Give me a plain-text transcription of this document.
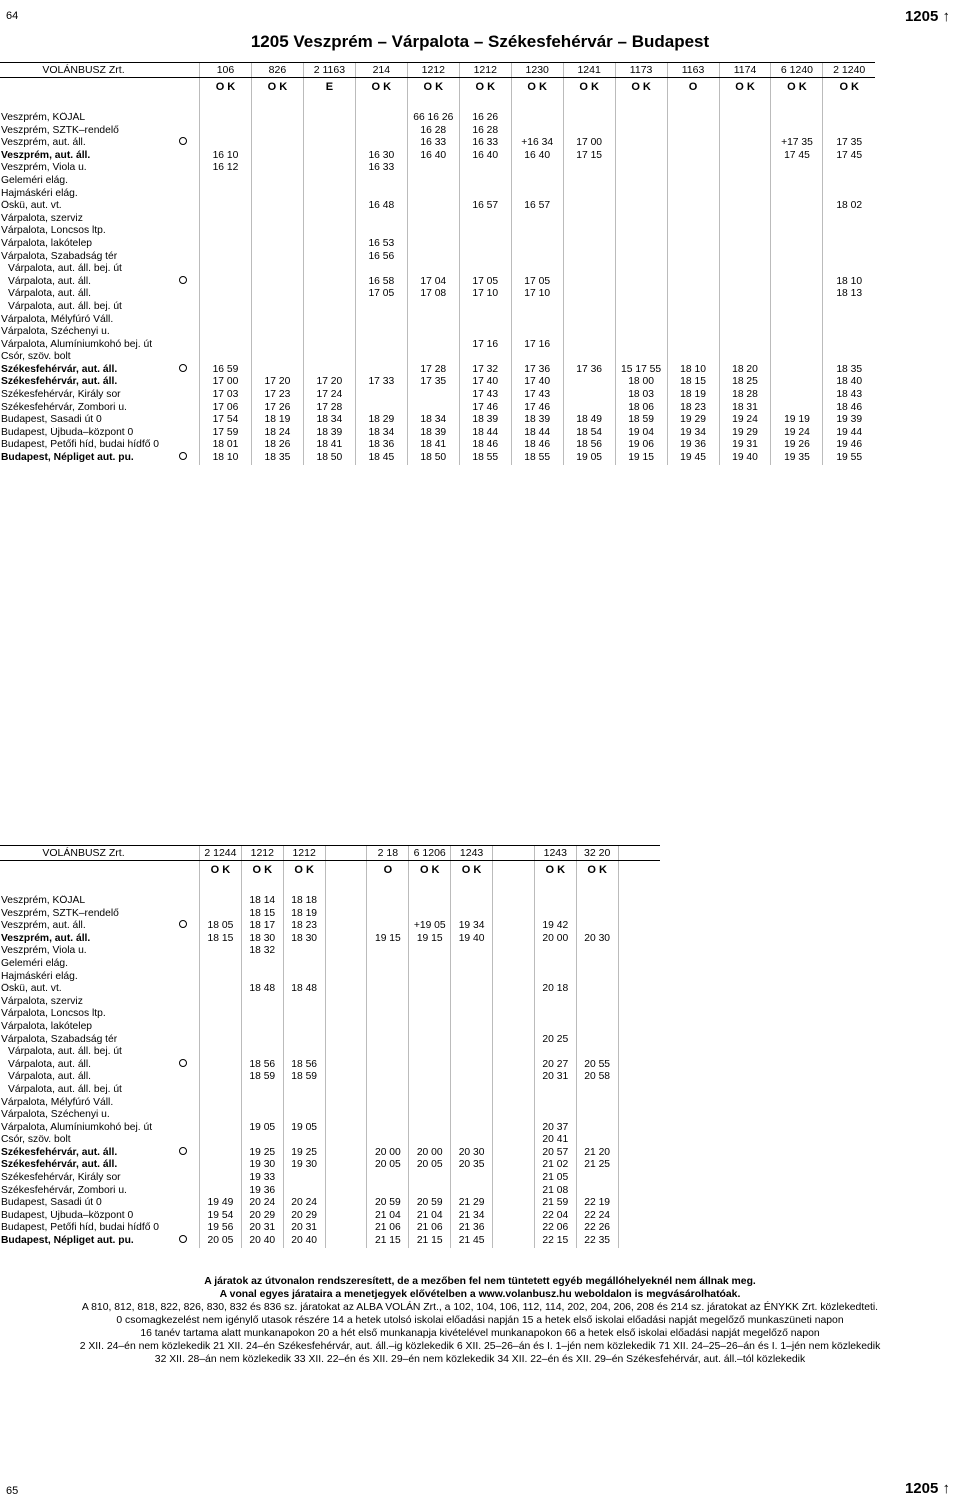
64	1205 ↑
1205 Veszprém – Várpalota – Székesfehérvár – Budapest
VOLÁNBUSZ Zrt.		106	826	2 1163	214	1212	1212	1230	1241	1173	1163	1174	6 1240	2 1240
		O K	O K	E	O K	O K	O K	O K	O K	O K	O	O K	O K	O K

Veszprém, KÖJÁL						66 16 26	16 26							
Veszprém, SZTK–rendelő						16 28	16 28							
Veszprém, aut. áll.						16 33	16 33	+16 34	17 00				+17 35	17 35
Veszprém, aut. áll.		16 10			16 30	16 40	16 40	16 40	17 15				17 45	17 45
Veszprém, Viola u.		16 12			16 33									
Geleméri elág.														
Hajmáskéri elág.														
Öskü, aut. vt.					16 48		16 57	16 57						18 02
Várpalota, szerviz														
Várpalota, Loncsos ltp.														
Várpalota, lakótelep					16 53									
Várpalota, Szabadság tér					16 56									
Várpalota, aut. áll. bej. út														
Várpalota, aut. áll.					16 58	17 04	17 05	17 05						18 10
Várpalota, aut. áll.					17 05	17 08	17 10	17 10						18 13
Várpalota, aut. áll. bej. út														
Várpalota, Mélyfúró Váll.														
Várpalota, Széchenyi u.														
Várpalota, Alumíniumkohó bej. út							17 16	17 16						
Csór, szöv. bolt														
Székesfehérvár, aut. áll.		16 59				17 28	17 32	17 36	17 36	15 17 55	18 10	18 20		18 35
Székesfehérvár, aut. áll.		17 00	17 20	17 20	17 33	17 35	17 40	17 40		18 00	18 15	18 25		18 40
Székesfehérvár, Király sor		17 03	17 23	17 24			17 43	17 43		18 03	18 19	18 28		18 43
Székesfehérvár, Zombori u.		17 06	17 26	17 28			17 46	17 46		18 06	18 23	18 31		18 46
Budapest, Sasadi út 0		17 54	18 19	18 34	18 29	18 34	18 39	18 39	18 49	18 59	19 29	19 24	19 19	19 39
Budapest, Újbuda–központ 0		17 59	18 24	18 39	18 34	18 39	18 44	18 44	18 54	19 04	19 34	19 29	19 24	19 44
Budapest, Petőfi híd, budai hídfő 0		18 01	18 26	18 41	18 36	18 41	18 46	18 46	18 56	19 06	19 36	19 31	19 26	19 46
Budapest, Népliget aut. pu.		18 10	18 35	18 50	18 45	18 50	18 55	18 55	19 05	19 15	19 45	19 40	19 35	19 55
VOLÁNBUSZ Zrt.		2 1244	1212	1212		2 18	6 1206	1243		1243	32 20	
		O K	O K	O K		O	O K	O K		O K	O K	

Veszprém, KÖJÁL			18 14	18 18								
Veszprém, SZTK–rendelő			18 15	18 19								
Veszprém, aut. áll.		18 05	18 17	18 23			+19 05	19 34		19 42		
Veszprém, aut. áll.		18 15	18 30	18 30		19 15	19 15	19 40		20 00	20 30	
Veszprém, Viola u.			18 32									
Geleméri elág.												
Hajmáskéri elág.												
Öskü, aut. vt.			18 48	18 48						20 18		
Várpalota, szerviz												
Várpalota, Loncsos ltp.												
Várpalota, lakótelep												
Várpalota, Szabadság tér										20 25		
Várpalota, aut. áll. bej. út												
Várpalota, aut. áll.			18 56	18 56						20 27	20 55	
Várpalota, aut. áll.			18 59	18 59						20 31	20 58	
Várpalota, aut. áll. bej. út												
Várpalota, Mélyfúró Váll.												
Várpalota, Széchenyi u.												
Várpalota, Alumíniumkohó bej. út			19 05	19 05						20 37		
Csór, szöv. bolt										20 41		
Székesfehérvár, aut. áll.			19 25	19 25		20 00	20 00	20 30		20 57	21 20	
Székesfehérvár, aut. áll.			19 30	19 30		20 05	20 05	20 35		21 02	21 25	
Székesfehérvár, Király sor			19 33							21 05		
Székesfehérvár, Zombori u.			19 36							21 08		
Budapest, Sasadi út 0		19 49	20 24	20 24		20 59	20 59	21 29		21 59	22 19	
Budapest, Újbuda–központ 0		19 54	20 29	20 29		21 04	21 04	21 34		22 04	22 24	
Budapest, Petőfi híd, budai hídfő 0		19 56	20 31	20 31		21 06	21 06	21 36		22 06	22 26	
Budapest, Népliget aut. pu.		20 05	20 40	20 40		21 15	21 15	21 45		22 15	22 35	
A járatok az útvonalon rendszeresített, de a mezőben fel nem tüntetett egyéb megállóhelyeknél nem állnak meg.
A vonal egyes járataira a menetjegyek elővételben a www.volanbusz.hu weboldalon is megvásárolhatóak.
A 810, 812, 818, 822, 826, 830, 832 és 836 sz. járatokat az ALBA VOLÁN Zrt., a 102, 104, 106, 112, 114, 202, 204, 206, 208 és 214 sz. járatokat az ÉNYKK Zrt. közlekedteti.
0 csomagkezelést nem igénylő utasok részére 14 a hetek utolsó iskolai előadási napján 15 a hetek első iskolai előadási napját megelőző munkaszüneti napon
16 tanév tartama alatt munkanapokon 20 a hét első munkanapja kivételével munkanapokon 66 a hetek első iskolai előadási napját megelőző napon
2 XII. 24–én nem közlekedik 21 XII. 24–én Székesfehérvár, aut. áll.–ig közlekedik 6 XII. 25–26–án és I. 1–jén nem közlekedik 71 XII. 24–25–26–án és I. 1–jén nem közlekedik
32 XII. 28–án nem közlekedik 33 XII. 22–én és XII. 29–én nem közlekedik 34 XII. 22–én és XII. 29–én Székesfehérvár, aut. áll.–tól közlekedik
65	1205 ↑
